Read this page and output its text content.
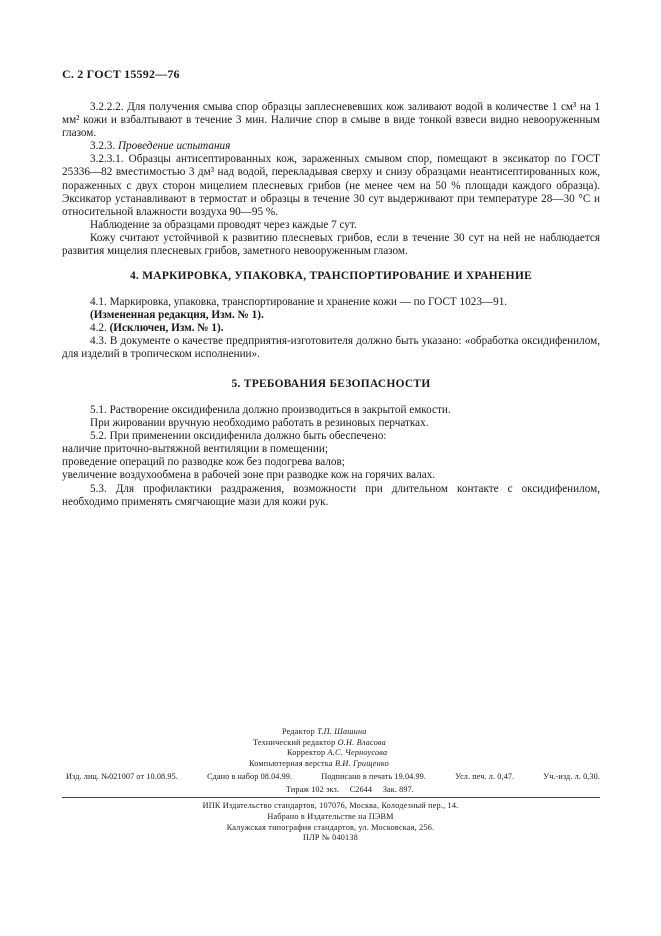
С. 2 ГОСТ 15592—76

3.2.2.2. Для получения смыва спор образцы заплесневевших кож заливают водой в количестве 1 см³ на 1 мм² кожи и взбалтывают в течение 3 мин. Наличие спор в смыве в виде тонкой взвеси видно невооруженным глазом.

3.2.3. Проведение испытания

3.2.3.1. Образцы антисептированных кож, зараженных смывом спор, помещают в эксикатор по ГОСТ 25336—82 вместимостью 3 дм³ над водой, перекладывая сверху и снизу образцами неантисептированных кож, пораженных с двух сторон мицелием плесневых грибов (не менее чем на 50 % площади каждого образца). Эксикатор устанавливают в термостат и образцы в течение 30 сут выдерживают при температуре 28—30 °С и относительной влажности воздуха 90—95 %.

Наблюдение за образцами проводят через каждые 7 сут.

Кожу считают устойчивой к развитию плесневых грибов, если в течение 30 сут на ней не наблюдается развития мицелия плесневых грибов, заметного невооруженным глазом.

4. МАРКИРОВКА, УПАКОВКА, ТРАНСПОРТИРОВАНИЕ И ХРАНЕНИЕ

4.1. Маркировка, упаковка, транспортирование и хранение кожи — по ГОСТ 1023—91.

(Измененная редакция, Изм. № 1).

4.2. (Исключен, Изм. № 1).

4.3. В документе о качестве предприятия-изготовителя должно быть указано: «обработка оксидифенилом, для изделий в тропическом исполнении».

5. ТРЕБОВАНИЯ БЕЗОПАСНОСТИ

5.1. Растворение оксидифенила должно производиться в закрытой емкости.

При жировании вручную необходимо работать в резиновых перчатках.

5.2. При применении оксидифенила должно быть обеспечено:

наличие приточно-вытяжной вентиляции в помещении;

проведение операций по разводке кож без подогрева валов;

увеличение воздухообмена в рабочей зоне при разводке кож на горячих валах.

5.3. Для профилактики раздражения, возможности при длительном контакте с оксидифенилом, необходимо применять смягчающие мази для кожи рук.

Редактор Т.П. Шашина
Технический редактор О.Н. Власова
Корректор А.С. Черноусова
Компьютерная верстка В.И. Грищенко
Изд. лиц. №021007 от 10.08.95.	Сдано в набор 08.04.99.	Подписано в печать 19.04.99.	Усл. печ. л. 0,47.	Уч.-изд. л. 0,30.
Тираж 102 экз. С2644 Зак. 897.
ИПК Издательство стандартов, 107076, Москва, Колодезный пер., 14.
Набрано в Издательстве на ПЭВМ
Калужская типография стандартов, ул. Московская, 256.
ПЛР № 040138
